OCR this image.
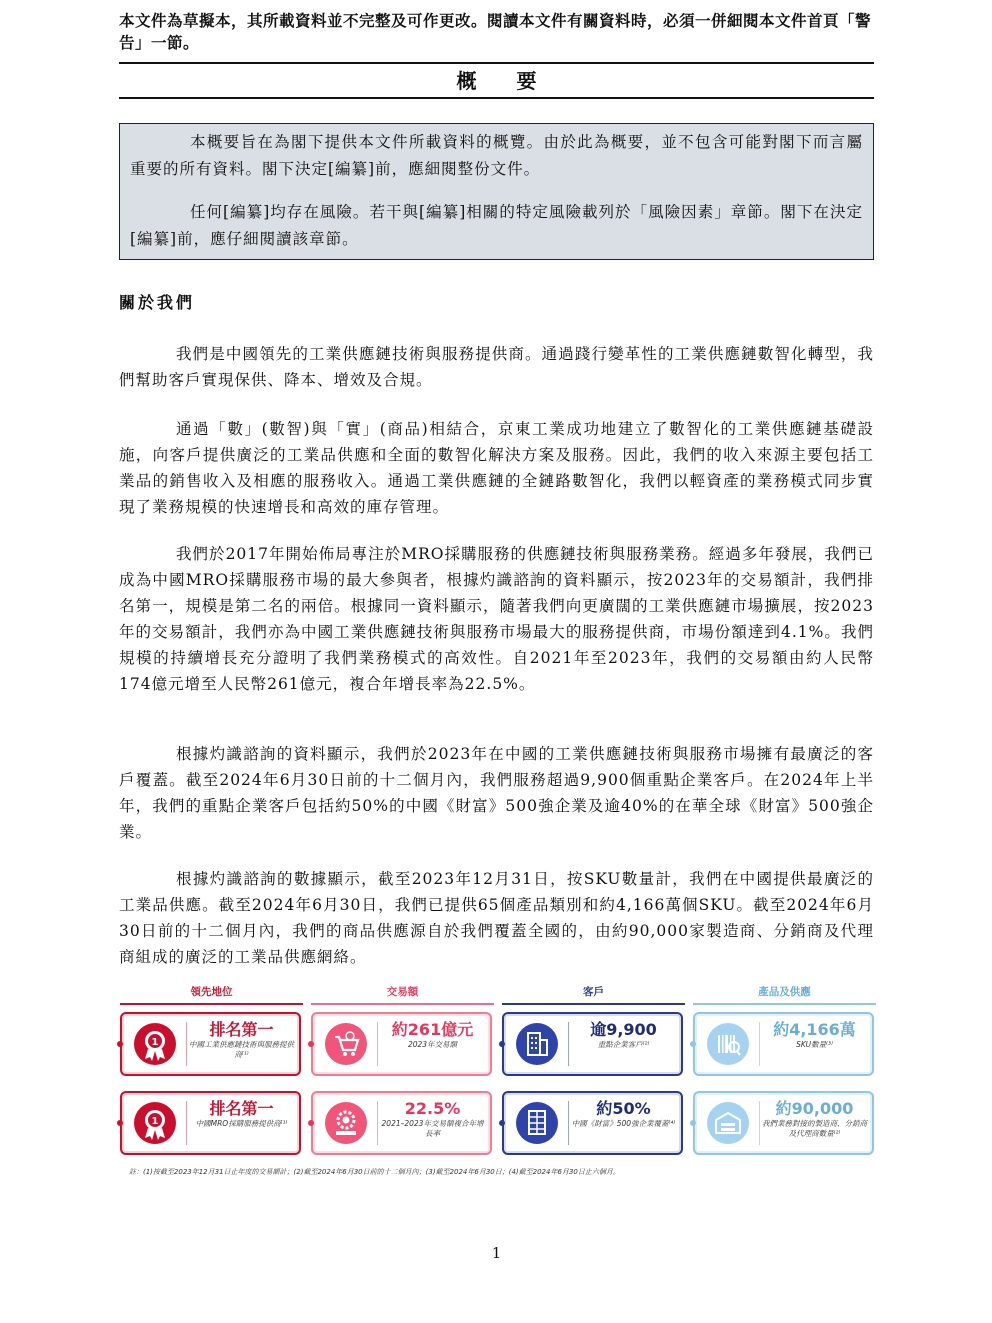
本文件為草擬本，其所載資料並不完整及可作更改。閱讀本文件有關資料時，必須一併細閱本文件首頁「警告」一節。
概要

本概要旨在為閣下提供本文件所載資料的概覽。由於此為概要，並不包含可能對閣下而言屬重要的所有資料。閣下決定[編纂]前，應細閱整份文件。

任何[編纂]均存在風險。若干與[編纂]相關的特定風險載列於「風險因素」章節。閣下在決定[編纂]前，應仔細閱讀該章節。

關於我們

我們是中國領先的工業供應鏈技術與服務提供商。通過踐行變革性的工業供應鏈數智化轉型，我們幫助客戶實現保供、降本、增效及合規。

通過「數」(數智)與「實」(商品)相結合，京東工業成功地建立了數智化的工業供應鏈基礎設施，向客戶提供廣泛的工業品供應和全面的數智化解決方案及服務。因此，我們的收入來源主要包括工業品的銷售收入及相應的服務收入。通過工業供應鏈的全鏈路數智化，我們以輕資產的業務模式同步實現了業務規模的快速增長和高效的庫存管理。

我們於2017年開始佈局專注於MRO採購服務的供應鏈技術與服務業務。經過多年發展，我們已成為中國MRO採購服務市場的最大參與者，根據灼識諮詢的資料顯示，按2023年的交易額計，我們排名第一，規模是第二名的兩倍。根據同一資料顯示，隨著我們向更廣闊的工業供應鏈市場擴展，按2023年的交易額計，我們亦為中國工業供應鏈技術與服務市場最大的服務提供商，市場份額達到4.1%。我們規模的持續增長充分證明了我們業務模式的高效性。自2021年至2023年，我們的交易額由約人民幣174億元增至人民幣261億元，複合年增長率為22.5%。

根據灼識諮詢的資料顯示，我們於2023年在中國的工業供應鏈技術與服務市場擁有最廣泛的客戶覆蓋。截至2024年6月30日前的十二個月內，我們服務超過9,900個重點企業客戶。在2024年上半年，我們的重點企業客戶包括約50%的中國《財富》500強企業及逾40%的在華全球《財富》500強企業。

根據灼識諮詢的數據顯示，截至2023年12月31日，按SKU數量計，我們在中國提供最廣泛的工業品供應。截至2024年6月30日，我們已提供65個產品類別和約4,166萬個SKU。截至2024年6月30日前的十二個月內，我們的商品供應源自於我們覆蓋全國的，由約90,000家製造商、分銷商及代理商組成的廣泛的工業品供應網絡。

領先地位
1
排名第一
中國工業供應鏈技術與服務提供商⁽¹⁾
1
排名第一
中國MRO採購服務提供商⁽¹⁾
交易額
約261億元
2023年交易額
22.5%
2021–2023年交易額複合年增長率
客戶
逾9,900
重點企業客戶⁽²⁾
約50%
中國《財富》500強企業覆蓋⁽⁴⁾
產品及供應
約4,166萬
SKU數量⁽³⁾
約90,000
我們業務對接的製造商、分銷商及代理商數量⁽²⁾
註：(1)按截至2023年12月31日止年度的交易額計；(2)截至2024年6月30日前的十二個月內；(3)截至2024年6月30日；(4)截至2024年6月30日止六個月。
1
